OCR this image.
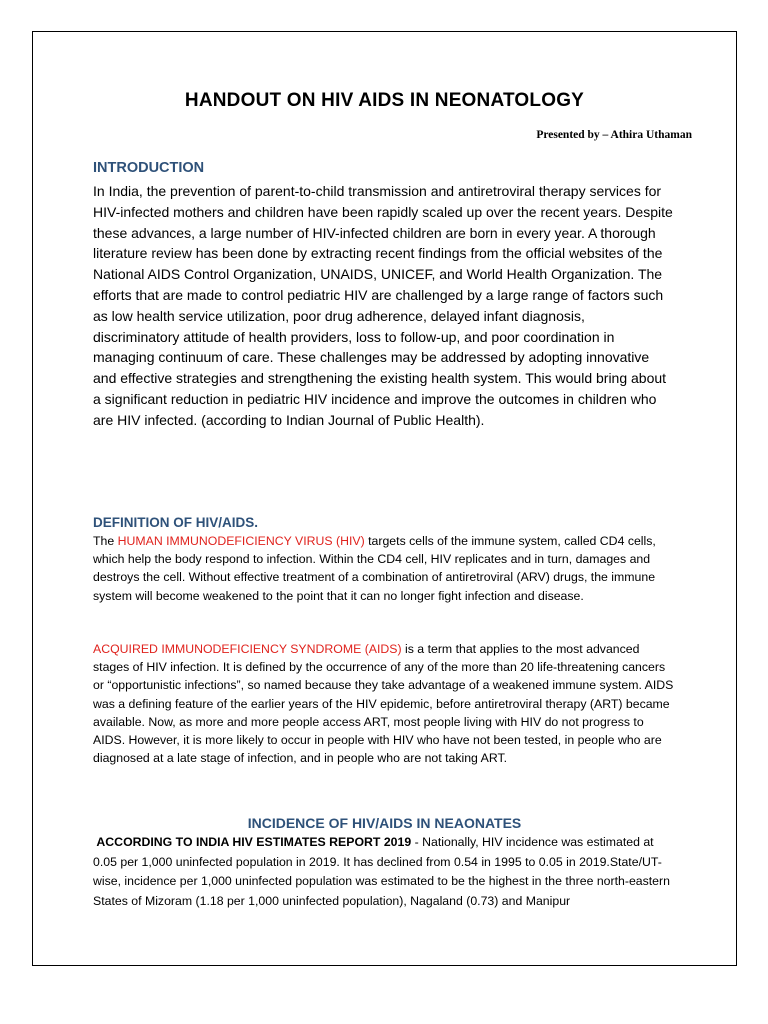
HANDOUT ON HIV AIDS IN NEONATOLOGY
Presented by – Athira Uthaman
INTRODUCTION

In India, the prevention of parent-to-child transmission and antiretroviral therapy services for HIV-infected mothers and children have been rapidly scaled up over the recent years. Despite these advances, a large number of HIV-infected children are born in every year. A thorough literature review has been done by extracting recent findings from the official websites of the National AIDS Control Organization, UNAIDS, UNICEF, and World Health Organization. The efforts that are made to control pediatric HIV are challenged by a large range of factors such as low health service utilization, poor drug adherence, delayed infant diagnosis, discriminatory attitude of health providers, loss to follow-up, and poor coordination in managing continuum of care. These challenges may be addressed by adopting innovative and effective strategies and strengthening the existing health system. This would bring about a significant reduction in pediatric HIV incidence and improve the outcomes in children who are HIV infected. (according to Indian Journal of Public Health).

DEFINITION OF HIV/AIDS.

The HUMAN IMMUNODEFICIENCY VIRUS (HIV) targets cells of the immune system, called CD4 cells, which help the body respond to infection. Within the CD4 cell, HIV replicates and in turn, damages and destroys the cell. Without effective treatment of a combination of antiretroviral (ARV) drugs, the immune system will become weakened to the point that it can no longer fight infection and disease.

ACQUIRED IMMUNODEFICIENCY SYNDROME (AIDS) is a term that applies to the most advanced stages of HIV infection. It is defined by the occurrence of any of the more than 20 life-threatening cancers or “opportunistic infections”, so named because they take advantage of a weakened immune system. AIDS was a defining feature of the earlier years of the HIV epidemic, before antiretroviral therapy (ART) became available. Now, as more and more people access ART, most people living with HIV do not progress to AIDS. However, it is more likely to occur in people with HIV who have not been tested, in people who are diagnosed at a late stage of infection, and in people who are not taking ART.

INCIDENCE OF HIV/AIDS IN NEAONATES

ACCORDING TO INDIA HIV ESTIMATES REPORT 2019 - Nationally, HIV incidence was estimated at 0.05 per 1,000 uninfected population in 2019. It has declined from 0.54 in 1995 to 0.05 in 2019.State/UT-wise, incidence per 1,000 uninfected population was estimated to be the highest in the three north-eastern States of Mizoram (1.18 per 1,000 uninfected population), Nagaland (0.73) and Manipur
